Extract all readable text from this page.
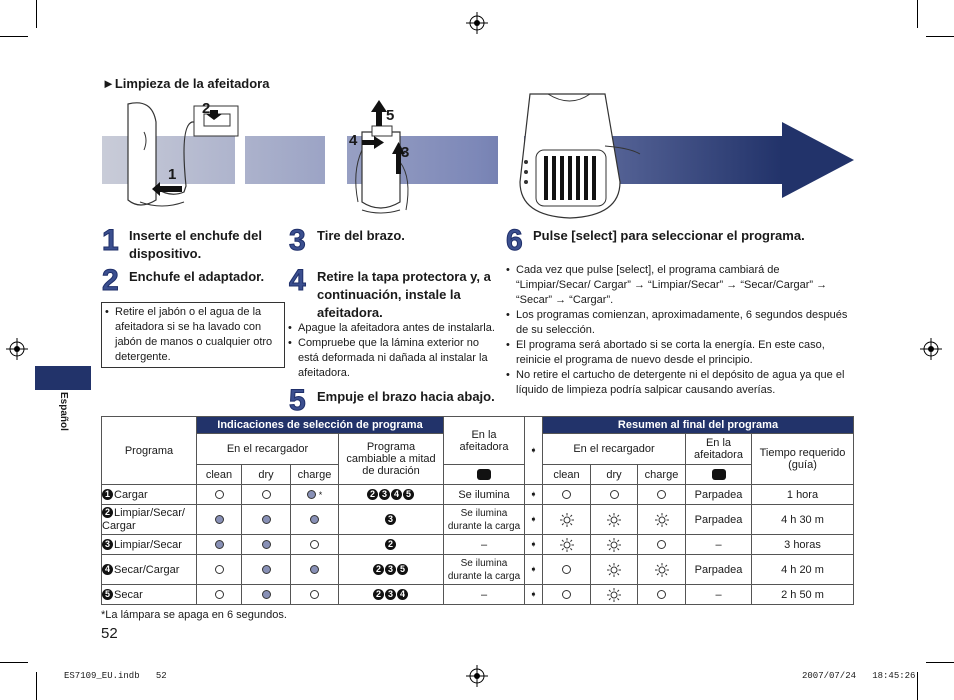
►Limpieza de la afeitadora
2
1
5
4
3
1 Inserte el enchufe del dispositivo.
2 Enchufe el adaptador.
• Retire el jabón o el agua de la afeitadora si se ha lavado con jabón de manos o cualquier otro detergente.
3 Tire del brazo.
4 Retire la tapa protectora y, a continuación, instale la afeitadora.
• Apague la afeitadora antes de instalarla.
• Compruebe que la lámina exterior no está deformada ni dañada al instalar la afeitadora.
5 Empuje el brazo hacia abajo.
6 Pulse [select] para seleccionar el programa.
• Cada vez que pulse [select], el programa cambiará de “Limpiar/Secar/ Cargar” → “Limpiar/Secar” → “Secar/Cargar” → “Secar” → “Cargar”.
• Los programas comienzan, aproximadamente, 6 segundos después de su selección.
• El programa será abortado si se corta la energía. En este caso, reinicie el programa de nuevo desde el principio.
• No retire el cartucho de detergente ni el depósito de agua ya que el líquido de limpieza podría salpicar causando averías.
Español
Programa	Indicaciones de selección de programa				En la afeitadora	➧	Resumen al final del programa				
	En el recargador			Programa cambiable a mitad de duración			En el recargador			En la afeitadora	Tiempo requerido (guía)
	clean	dry	charge				clean	dry	charge		
1 Cargar			*	2 3 4 5	Se ilumina	➧				Parpadea	1 hora
2 Limpiar/Secar/ Cargar				3	Se ilumina durante la carga	➧				Parpadea	4 h 30 m
3 Limpiar/Secar				2	–	➧				–	3 horas
4 Secar/Cargar				2 3 5	Se ilumina durante la carga	➧				Parpadea	4 h 20 m
5 Secar				2 3 4	–	➧				–	2 h 50 m
*La lámpara se apaga en 6 segundos.
52
ES7109_EU.indb   52	2007/07/24   18:45:26
